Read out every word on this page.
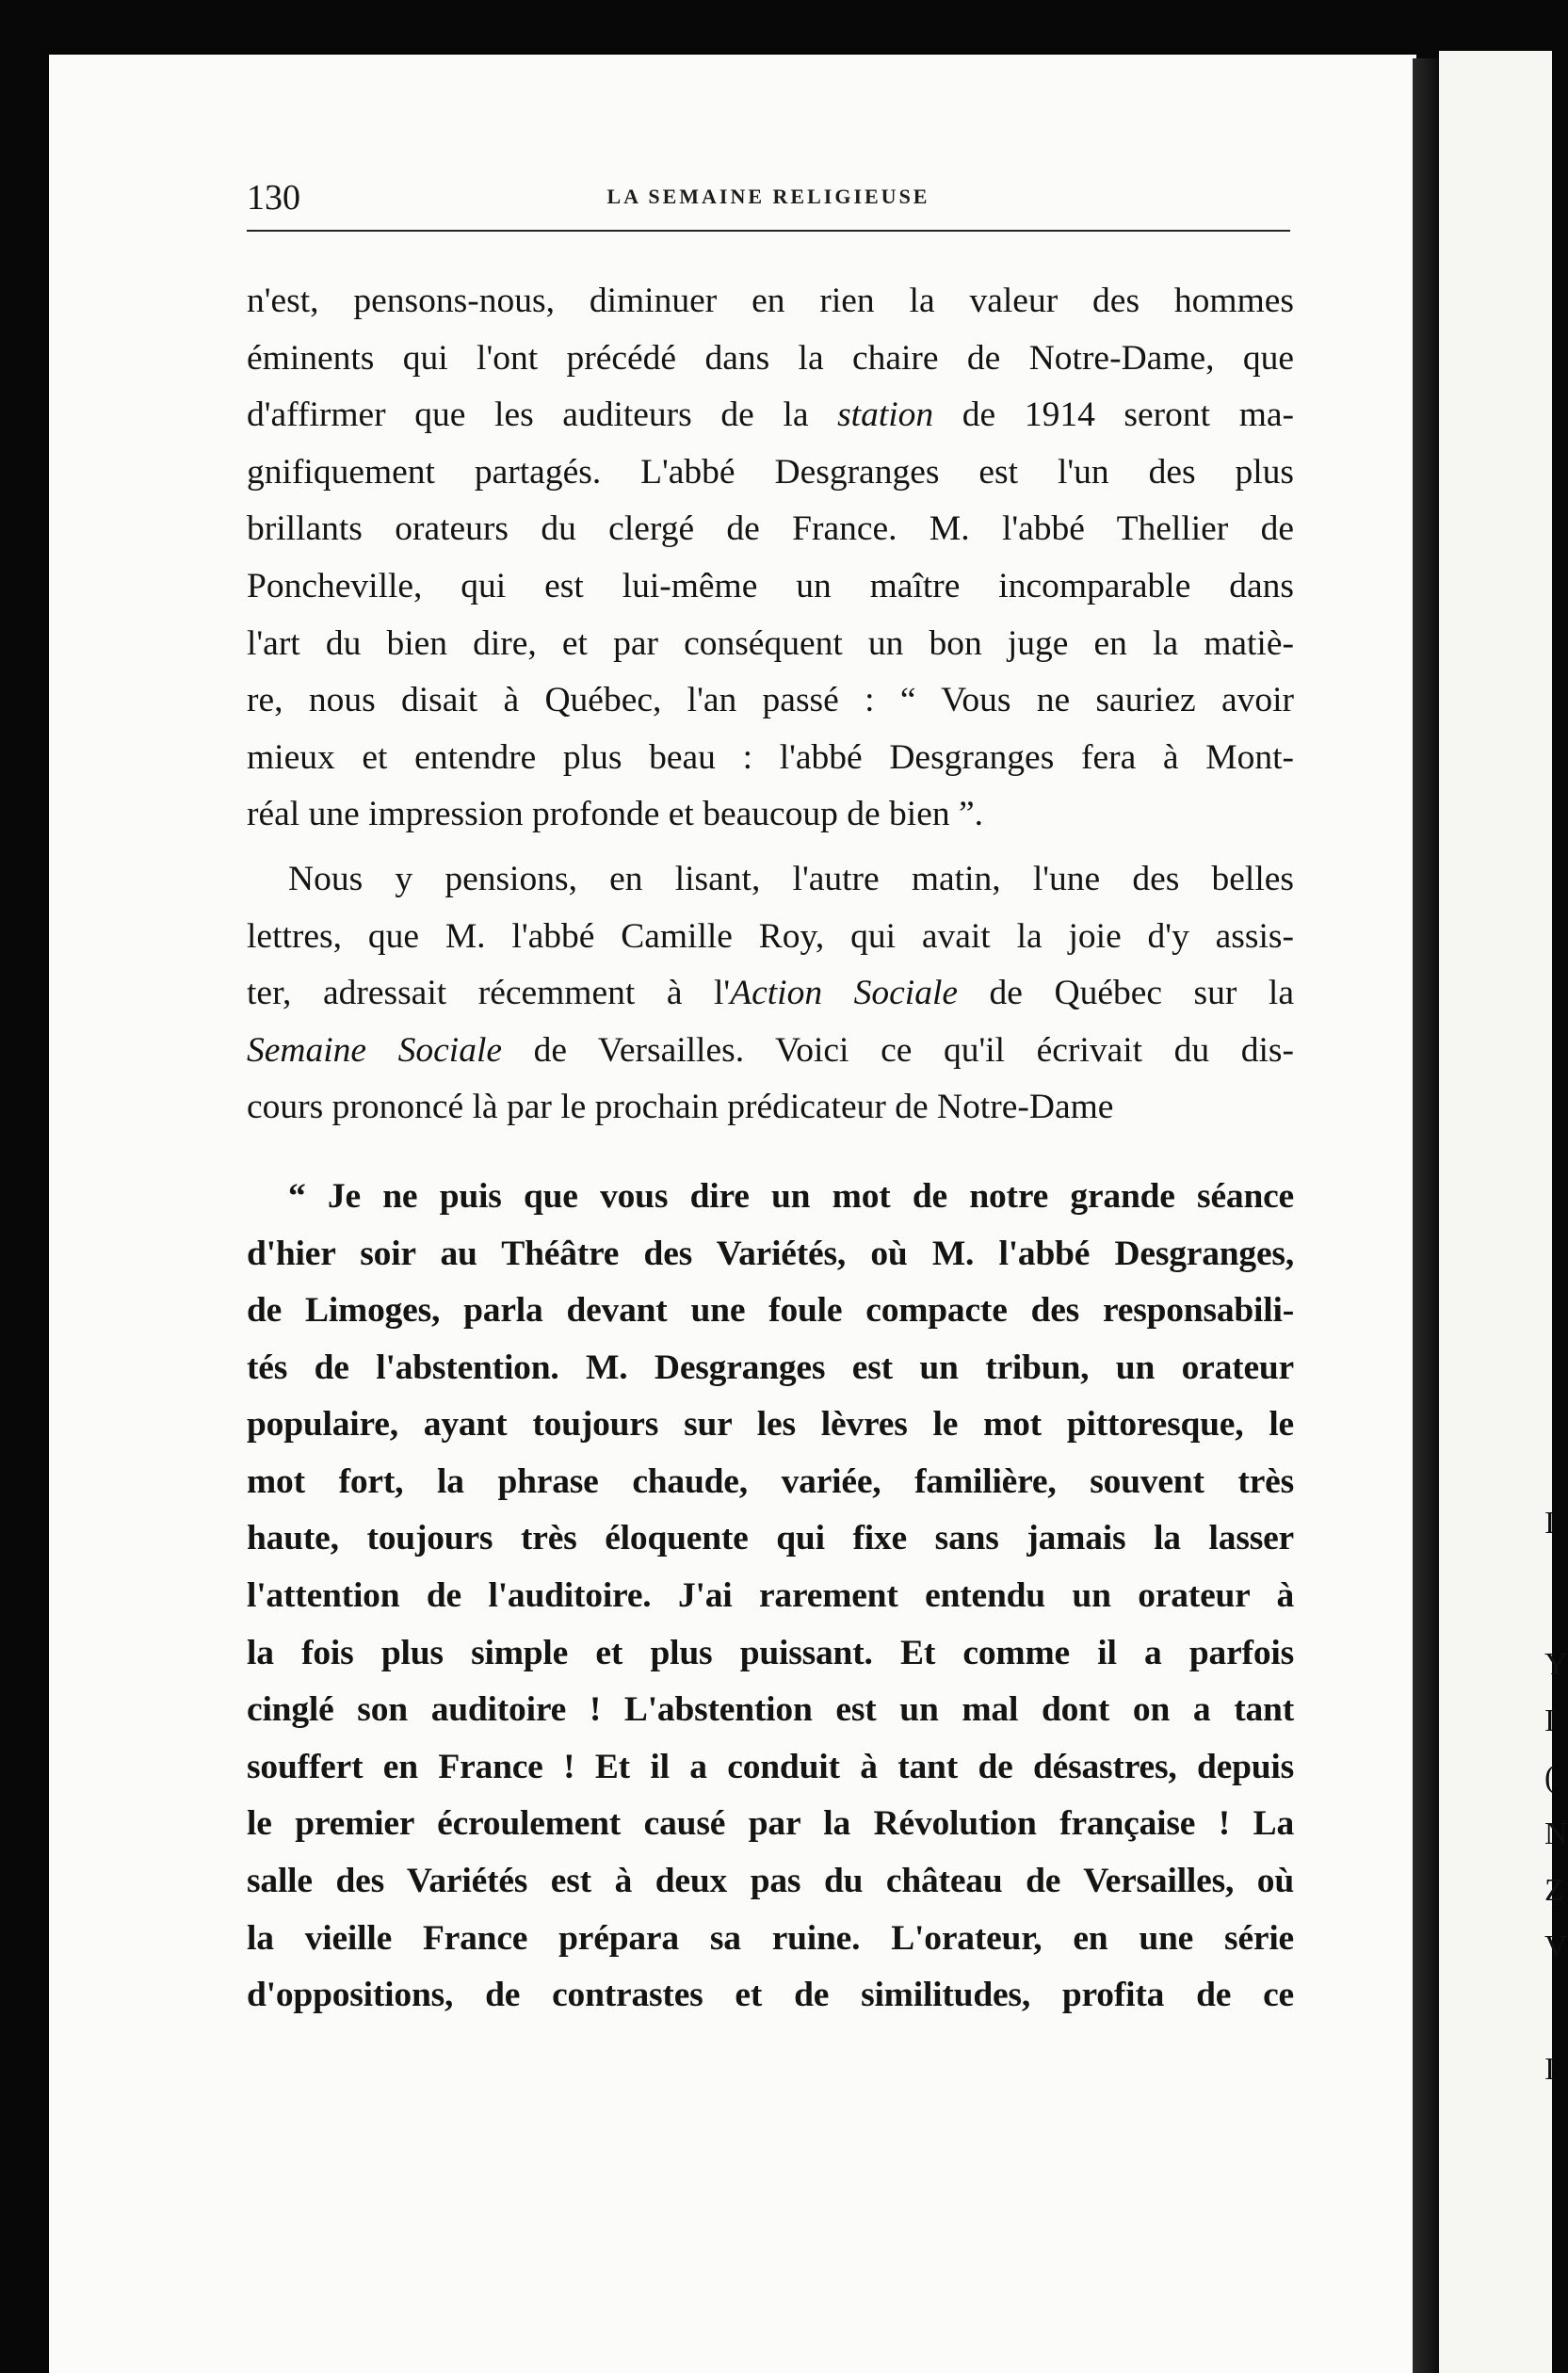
I
Y
I
(
N
Z
V
I
130	LA SEMAINE RELIGIEUSE
n'est, pensons-nous, diminuer en rien la valeur des hommes
éminents qui l'ont précédé dans la chaire de Notre-Dame, que
d'affirmer que les auditeurs de la station de 1914 seront ma-
gnifiquement partagés. L'abbé Desgranges est l'un des plus
brillants orateurs du clergé de France. M. l'abbé Thellier de
Poncheville, qui est lui-même un maître incomparable dans
l'art du bien dire, et par conséquent un bon juge en la matiè-
re, nous disait à Québec, l'an passé : “ Vous ne sauriez avoir
mieux et entendre plus beau : l'abbé Desgranges fera à Mont-
réal une impression profonde et beaucoup de bien ”.
Nous y pensions, en lisant, l'autre matin, l'une des belles
lettres, que M. l'abbé Camille Roy, qui avait la joie d'y assis-
ter, adressait récemment à l'Action Sociale de Québec sur la
Semaine Sociale de Versailles. Voici ce qu'il écrivait du dis-
cours prononcé là par le prochain prédicateur de Notre-Dame
“ Je ne puis que vous dire un mot de notre grande séance
d'hier soir au Théâtre des Variétés, où M. l'abbé Desgranges,
de Limoges, parla devant une foule compacte des responsabili-
tés de l'abstention. M. Desgranges est un tribun, un orateur
populaire, ayant toujours sur les lèvres le mot pittoresque, le
mot fort, la phrase chaude, variée, familière, souvent très
haute, toujours très éloquente qui fixe sans jamais la lasser
l'attention de l'auditoire. J'ai rarement entendu un orateur à
la fois plus simple et plus puissant. Et comme il a parfois
cinglé son auditoire ! L'abstention est un mal dont on a tant
souffert en France ! Et il a conduit à tant de désastres, depuis
le premier écroulement causé par la Révolution française ! La
salle des Variétés est à deux pas du château de Versailles, où
la vieille France prépara sa ruine. L'orateur, en une série
d'oppositions, de contrastes et de similitudes, profita de ce
